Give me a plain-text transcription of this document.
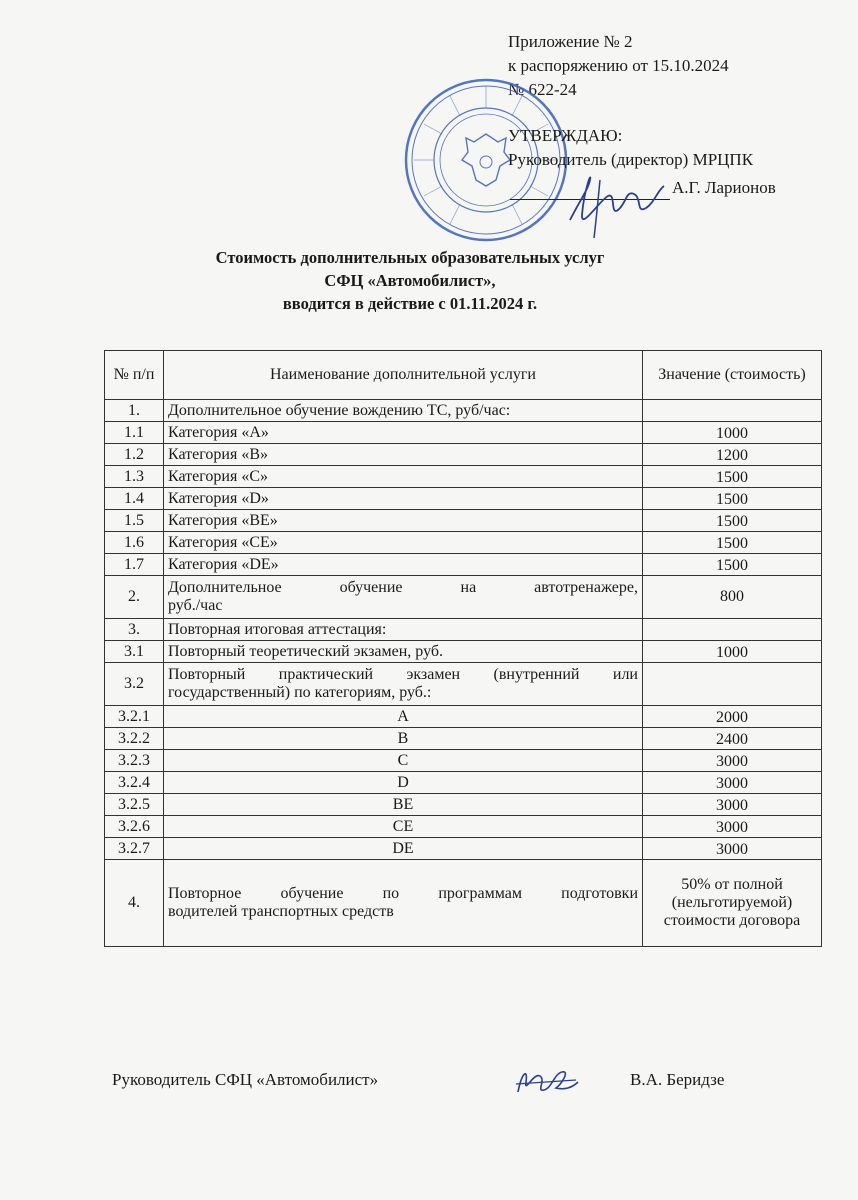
Приложение № 2
к распоряжению от 15.10.2024
№ 622-24
УТВЕРЖДАЮ:
Руководитель (директор) МРЦПК
А.Г. Ларионов
Стоимость дополнительных образовательных услуг
СФЦ «Автомобилист»,
вводится в действие с 01.11.2024 г.
№ п/п	Наименование дополнительной услуги	Значение (стоимость)
1.	Дополнительное обучение вождению ТС, руб/час:	
1.1	Категория «А»	1000
1.2	Категория «В»	1200
1.3	Категория «С»	1500
1.4	Категория «D»	1500
1.5	Категория «ВЕ»	1500
1.6	Категория «СЕ»	1500
1.7	Категория «DE»	1500
2.	Дополнительное обучение на автотренажере,
руб./час	800
3.	Повторная итоговая аттестация:	
3.1	Повторный теоретический экзамен, руб.	1000
3.2	Повторный практический экзамен (внутренний или
государственный) по категориям, руб.:	

3.2.1	А	2000
3.2.2	В	2400
3.2.3	С	3000
3.2.4	D	3000
3.2.5	ВЕ	3000
3.2.6	СЕ	3000
3.2.7	DE	3000
4.	Повторное обучение по программам подготовки
водителей транспортных средств	50% от полной (нельготируемой) стоимости договора
Руководитель СФЦ «Автомобилист»	В.А. Беридзе
